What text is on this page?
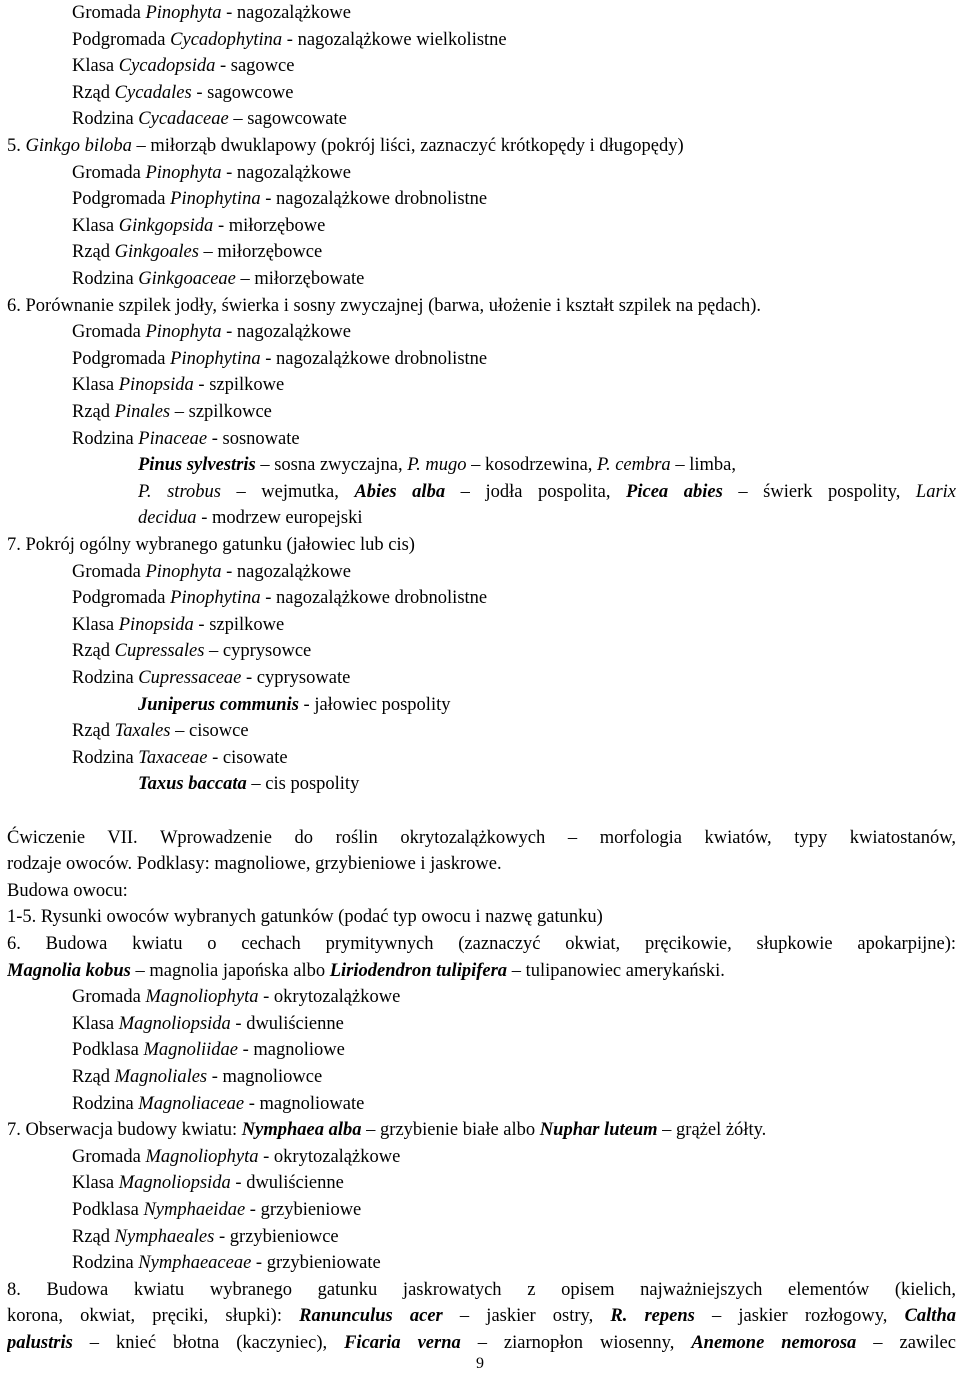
Gromada Pinophyta - nagozalążkowe
Podgromada Cycadophytina - nagozalążkowe wielkolistne
Klasa Cycadopsida - sagowce
Rząd Cycadales - sagowcowe
Rodzina Cycadaceae – sagowcowate
5. Ginkgo biloba – miłorząb dwuklapowy (pokrój liści, zaznaczyć krótkopędy i długopędy)
Gromada Pinophyta - nagozalążkowe
Podgromada Pinophytina - nagozalążkowe drobnolistne
Klasa Ginkgopsida - miłorzębowe
Rząd Ginkgoales – miłorzębowce
Rodzina Ginkgoaceae – miłorzębowate
6. Porównanie szpilek jodły, świerka i sosny zwyczajnej (barwa, ułożenie i kształt szpilek na pędach).
Gromada Pinophyta - nagozalążkowe
Podgromada Pinophytina - nagozalążkowe drobnolistne
Klasa Pinopsida - szpilkowe
Rząd Pinales – szpilkowce
Rodzina Pinaceae - sosnowate
Pinus sylvestris – sosna zwyczajna, P. mugo – kosodrzewina, P. cembra – limba,
P. strobus – wejmutka, Abies alba – jodła pospolita, Picea abies – świerk pospolity, Larix
decidua - modrzew europejski
7. Pokrój ogólny wybranego gatunku (jałowiec lub cis)
Gromada Pinophyta - nagozalążkowe
Podgromada Pinophytina - nagozalążkowe drobnolistne
Klasa Pinopsida - szpilkowe
Rząd Cupressales – cyprysowce
Rodzina Cupressaceae - cyprysowate
Juniperus communis - jałowiec pospolity
Rząd Taxales – cisowce
Rodzina Taxaceae - cisowate
Taxus baccata – cis pospolity
Ćwiczenie VII. Wprowadzenie do roślin okrytozalążkowych – morfologia kwiatów, typy kwiatostanów,
rodzaje owoców. Podklasy: magnoliowe, grzybieniowe i jaskrowe.
Budowa owocu:
1-5. Rysunki owoców wybranych gatunków (podać typ owocu i nazwę gatunku)
6. Budowa kwiatu o cechach prymitywnych (zaznaczyć okwiat, pręcikowie, słupkowie apokarpijne):
Magnolia kobus – magnolia japońska albo Liriodendron tulipifera – tulipanowiec amerykański.
Gromada Magnoliophyta - okrytozalążkowe
Klasa Magnoliopsida - dwuliścienne
Podklasa Magnoliidae - magnoliowe
Rząd Magnoliales - magnoliowce
Rodzina Magnoliaceae - magnoliowate
7. Obserwacja budowy kwiatu: Nymphaea alba – grzybienie białe albo Nuphar luteum – grążel żółty.
Gromada Magnoliophyta - okrytozalążkowe
Klasa Magnoliopsida - dwuliścienne
Podklasa Nymphaeidae - grzybieniowe
Rząd Nymphaeales - grzybieniowce
Rodzina Nymphaeaceae - grzybieniowate
8. Budowa kwiatu wybranego gatunku jaskrowatych z opisem najważniejszych elementów (kielich,
korona, okwiat, pręciki, słupki): Ranunculus acer – jaskier ostry, R. repens – jaskier rozłogowy, Caltha
palustris – knieć błotna (kaczyniec), Ficaria verna – ziarnopłon wiosenny, Anemone nemorosa – zawilec
9
